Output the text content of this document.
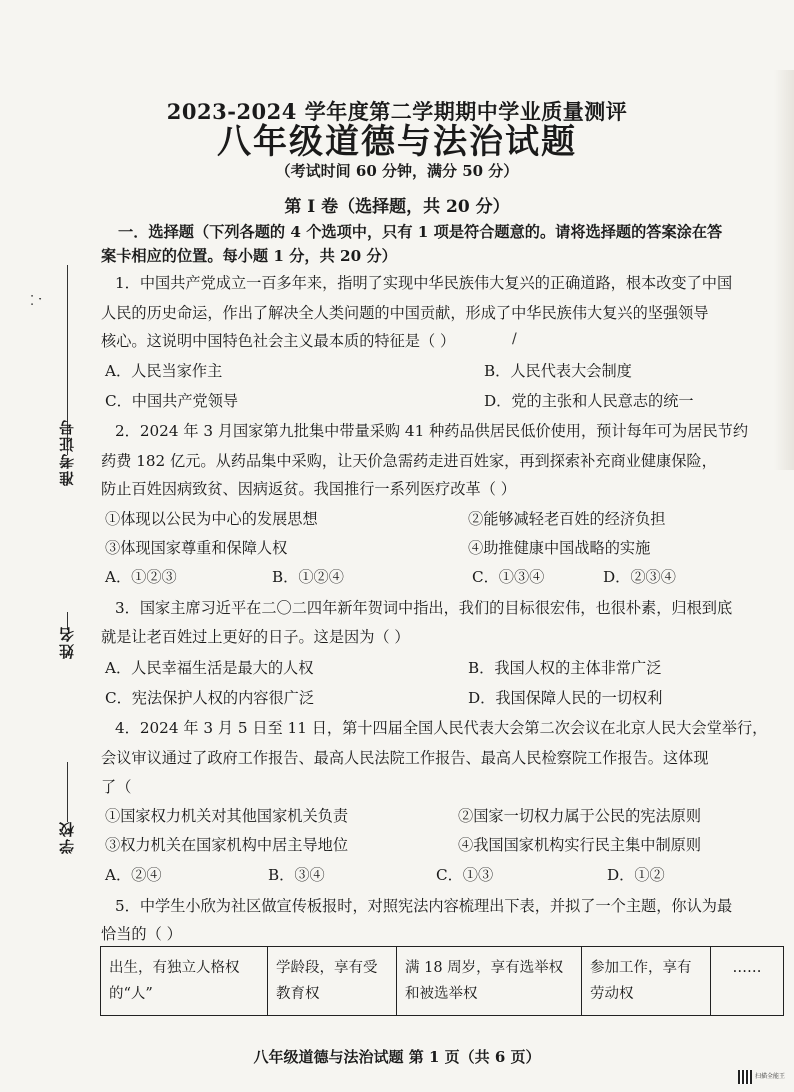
2023-2024 学年度第二学期期中学业质量测评
八年级道德与法治试题
（考试时间 60 分钟，满分 50 分）
第 I 卷（选择题，共 20 分）
准考证号
姓名
学校
⁚ ˑ
一．选择题（下列各题的 4 个选项中，只有 1 项是符合题意的。请将选择题的答案涂在答
案卡相应的位置。每小题 1 分，共 20 分）
1．中国共产党成立一百多年来，指明了实现中华民族伟大复兴的正确道路，根本改变了中国
人民的历史命运，作出了解决全人类问题的中国贡献，形成了中华民族伟大复兴的坚强领导
核心。这说明中国特色社会主义最本质的特征是（ ）	/
A．人民当家作主	B．人民代表大会制度
C．中国共产党领导	D．党的主张和人民意志的统一
2．2024 年 3 月国家第九批集中带量采购 41 种药品供居民低价使用，预计每年可为居民节约
药费 182 亿元。从药品集中采购，让天价急需药走进百姓家，再到探索补充商业健康保险，
防止百姓因病致贫、因病返贫。我国推行一系列医疗改革（ ）
①体现以公民为中心的发展思想	②能够减轻老百姓的经济负担
③体现国家尊重和保障人权	④助推健康中国战略的实施
A．①②③	B．①②④	C．①③④	D．②③④
3．国家主席习近平在二〇二四年新年贺词中指出，我们的目标很宏伟，也很朴素，归根到底
就是让老百姓过上更好的日子。这是因为（ ）
A．人民幸福生活是最大的人权	B．我国人权的主体非常广泛
C．宪法保护人权的内容很广泛	D．我国保障人民的一切权利
4．2024 年 3 月 5 日至 11 日，第十四届全国人民代表大会第二次会议在北京人民大会堂举行，
会议审议通过了政府工作报告、最高人民法院工作报告、最高人民检察院工作报告。这体现
了（
①国家权力机关对其他国家机关负责	②国家一切权力属于公民的宪法原则
③权力机关在国家机构中居主导地位	④我国国家机构实行民主集中制原则
A．②④	B．③④	C．①③	D．①②
5．中学生小欣为社区做宣传板报时，对照宪法内容梳理出下表，并拟了一个主题，你认为最
恰当的（ ）
出生，有独立人格权的“人”	学龄段，享有受教育权	满 18 周岁，享有选举权和被选举权	参加工作，享有劳动权	……
八年级道德与法治试题 第 1 页（共 6 页）
扫描全能王
